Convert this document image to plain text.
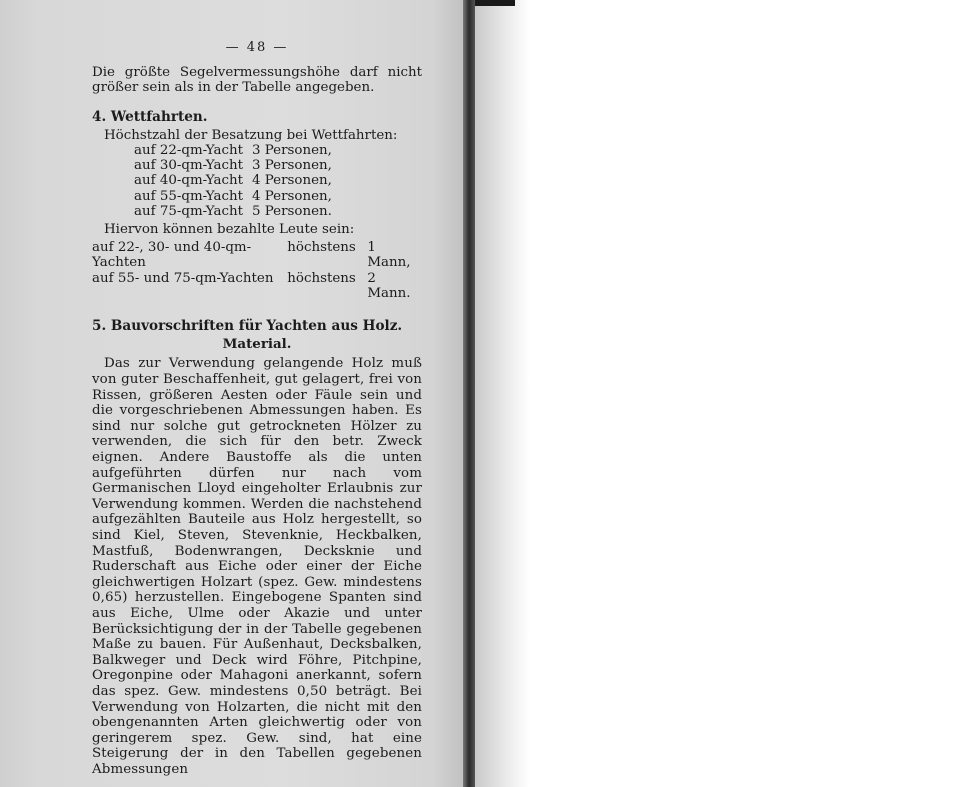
— 48 —

Die größte Segelvermessungshöhe darf nicht größer sein als in der Tabelle angegeben.

4. Wettfahrten.
Höchstzahl der Besatzung bei Wettfahrten:
auf 22-qm-Yacht 3 Personen,
auf 30-qm-Yacht 3 Personen,
auf 40-qm-Yacht 4 Personen,
auf 55-qm-Yacht 4 Personen,
auf 75-qm-Yacht 5 Personen.
Hiervon können bezahlte Leute sein:
auf 22-, 30- und 40-qm-Yachten
höchstens 1 Mann,
auf 55- und 75-qm-Yachten	höchstens 2 Mann.
5. Bauvorschriften für Yachten aus Holz.
Material.

Das zur Verwendung gelangende Holz muß von guter Beschaffenheit, gut gelagert, frei von Rissen, größeren Aesten oder Fäule sein und die vorgeschriebenen Abmessungen haben. Es sind nur solche gut getrockneten Hölzer zu verwenden, die sich für den betr. Zweck eignen. Andere Baustoffe als die unten aufgeführten dürfen nur nach vom Germanischen Lloyd eingeholter Erlaubnis zur Verwendung kommen. Werden die nachstehend aufgezählten Bauteile aus Holz hergestellt, so sind Kiel, Steven, Stevenknie, Heckbalken, Mastfuß, Bodenwrangen, Decksknie und Ruderschaft aus Eiche oder einer der Eiche gleichwertigen Holzart (spez. Gew. mindestens 0,65) herzustellen. Eingebogene Spanten sind aus Eiche, Ulme oder Akazie und unter Berücksichtigung der in der Tabelle gegebenen Maße zu bauen. Für Außenhaut, Decksbalken, Balkweger und Deck wird Föhre, Pitchpine, Oregonpine oder Mahagoni anerkannt, sofern das spez. Gew. mindestens 0,50 beträgt. Bei Verwendung von Holzarten, die nicht mit den obengenannten Arten gleichwertig oder von geringerem spez. Gew. sind, hat eine Steigerung der in den Tabellen gegebenen Abmessungen
